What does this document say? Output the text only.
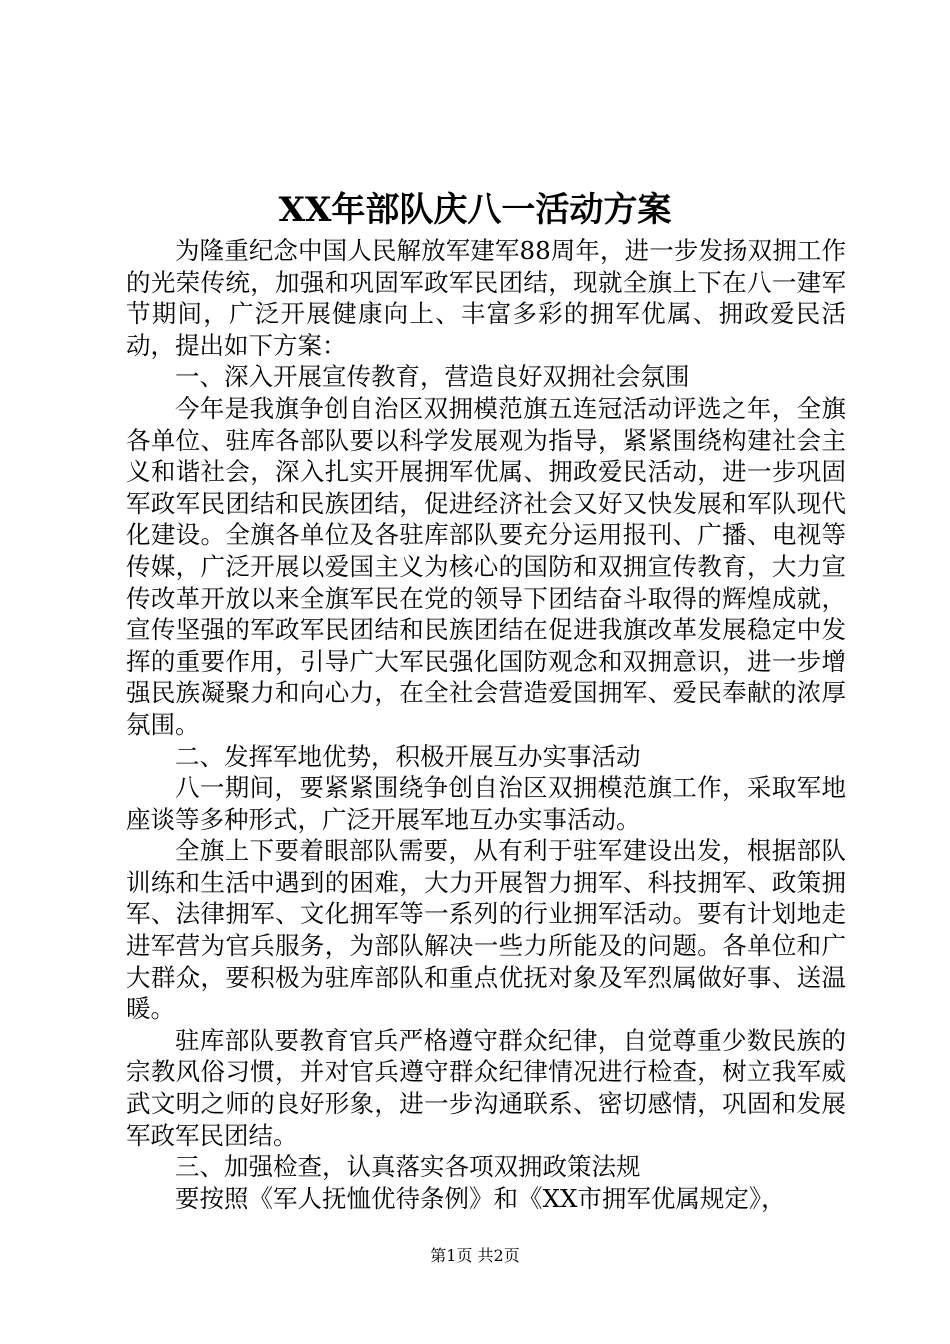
XX年部队庆八一活动方案

为隆重纪念中国人民解放军建军88周年，进一步发扬双拥工作的光荣传统，加强和巩固军政军民团结，现就全旗上下在八一建军节期间，广泛开展健康向上、丰富多彩的拥军优属、拥政爱民活动，提出如下方案：

一、深入开展宣传教育，营造良好双拥社会氛围

今年是我旗争创自治区双拥模范旗五连冠活动评选之年，全旗各单位、驻库各部队要以科学发展观为指导，紧紧围绕构建社会主义和谐社会，深入扎实开展拥军优属、拥政爱民活动，进一步巩固军政军民团结和民族团结，促进经济社会又好又快发展和军队现代化建设。全旗各单位及各驻库部队要充分运用报刊、广播、电视等传媒，广泛开展以爱国主义为核心的国防和双拥宣传教育，大力宣传改革开放以来全旗军民在党的领导下团结奋斗取得的辉煌成就，宣传坚强的军政军民团结和民族团结在促进我旗改革发展稳定中发挥的重要作用，引导广大军民强化国防观念和双拥意识，进一步增强民族凝聚力和向心力，在全社会营造爱国拥军、爱民奉献的浓厚氛围。

二、发挥军地优势，积极开展互办实事活动

八一期间，要紧紧围绕争创自治区双拥模范旗工作，采取军地座谈等多种形式，广泛开展军地互办实事活动。

全旗上下要着眼部队需要，从有利于驻军建设出发，根据部队训练和生活中遇到的困难，大力开展智力拥军、科技拥军、政策拥军、法律拥军、文化拥军等一系列的行业拥军活动。要有计划地走进军营为官兵服务，为部队解决一些力所能及的问题。各单位和广大群众，要积极为驻库部队和重点优抚对象及军烈属做好事、送温暖。

驻库部队要教育官兵严格遵守群众纪律，自觉尊重少数民族的宗教风俗习惯，并对官兵遵守群众纪律情况进行检查，树立我军威武文明之师的良好形象，进一步沟通联系、密切感情，巩固和发展军政军民团结。

三、加强检查，认真落实各项双拥政策法规

要按照《军人抚恤优待条例》和《XX市拥军优属规定》，

第1页 共2页
